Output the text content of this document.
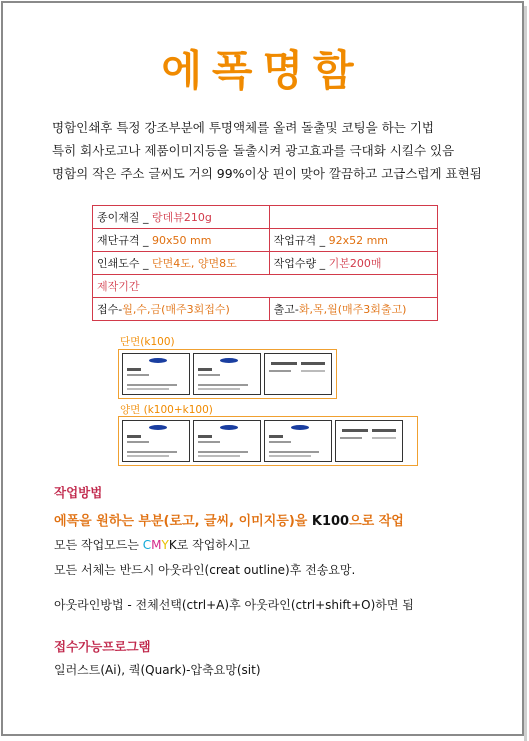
에폭명함
명함인쇄후 특정 강조부분에 투명액체를 올려 돌출및 코팅을 하는 기법
특히 회사로고나 제품이미지등을 돌출시켜 광고효과를 극대화 시킬수 있음
명함의 작은 주소 글씨도 거의 99%이상 핀이 맞아 깔끔하고 고급스럽게 표현됨
종이재질 _ 랑데뷰210g	
재단규격 _ 90x50 mm	작업규격 _ 92x52 mm
인쇄도수 _ 단면4도, 양면8도	작업수량 _ 기본200매
제작기간	
접수-월,수,금(매주3회접수)	출고-화,목,월(매주3회출고)
단면(k100)
양면 (k100+k100)
작업방법
에폭을 원하는 부분(로고, 글씨, 이미지등)을 K100으로 작업
모든 작업모드는 CMYK로 작업하시고
모든 서체는 반드시 아웃라인(creat outline)후 전송요망.
아웃라인방법 - 전체선택(ctrl+A)후 아웃라인(ctrl+shift+O)하면 됨
접수가능프로그램
일러스트(Ai), 쿽(Quark)-압축요망(sit)
